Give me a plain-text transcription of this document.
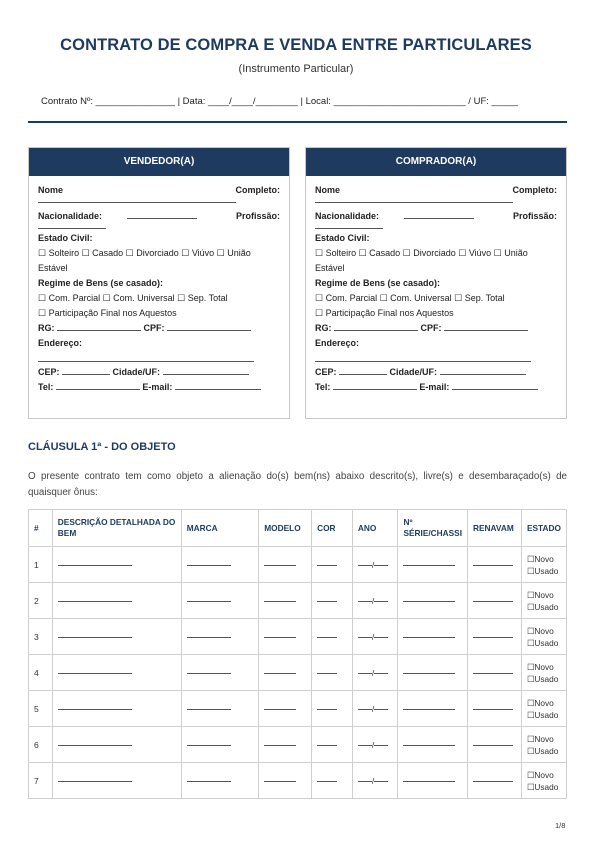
CONTRATO DE COMPRA E VENDA ENTRE PARTICULARES
(Instrumento Particular)
Contrato Nº: _______________ | Data: ____/____/________ | Local: _________________________ / UF: _____
VENDEDOR(A)
Nome	Completo:
Nacionalidade:	Profissão:
Estado Civil:
☐ Solteiro ☐ Casado ☐ Divorciado ☐ Viúvo ☐ União
Estável
Regime de Bens (se casado):
☐ Com. Parcial ☐ Com. Universal ☐ Sep. Total
☐ Participação Final nos Aquestos
RG:	CPF:
Endereço:
CEP:	Cidade/UF:
Tel:	E-mail:
COMPRADOR(A)
Nome	Completo:
Nacionalidade:	Profissão:
Estado Civil:
☐ Solteiro ☐ Casado ☐ Divorciado ☐ Viúvo ☐ União
Estável
Regime de Bens (se casado):
☐ Com. Parcial ☐ Com. Universal ☐ Sep. Total
☐ Participação Final nos Aquestos
RG:	CPF:
Endereço:
CEP:	Cidade/UF:
Tel:	E-mail:
CLÁUSULA 1ª - DO OBJETO
O presente contrato tem como objeto a alienação do(s) bem(ns) abaixo descrito(s), livre(s) e desembaraçado(s) de quaisquer ônus:
#	DESCRIÇÃO DETALHADA DO BEM	MARCA	MODELO	COR	ANO	Nº SÉRIE/CHASSI	RENAVAM	ESTADO
1					/			☐Novo
☐Usado

2					/			☐Novo
☐Usado

3					/			☐Novo
☐Usado

4					/			☐Novo
☐Usado

5					/			☐Novo
☐Usado

6					/			☐Novo
☐Usado

7					/			☐Novo
☐Usado
1/8
